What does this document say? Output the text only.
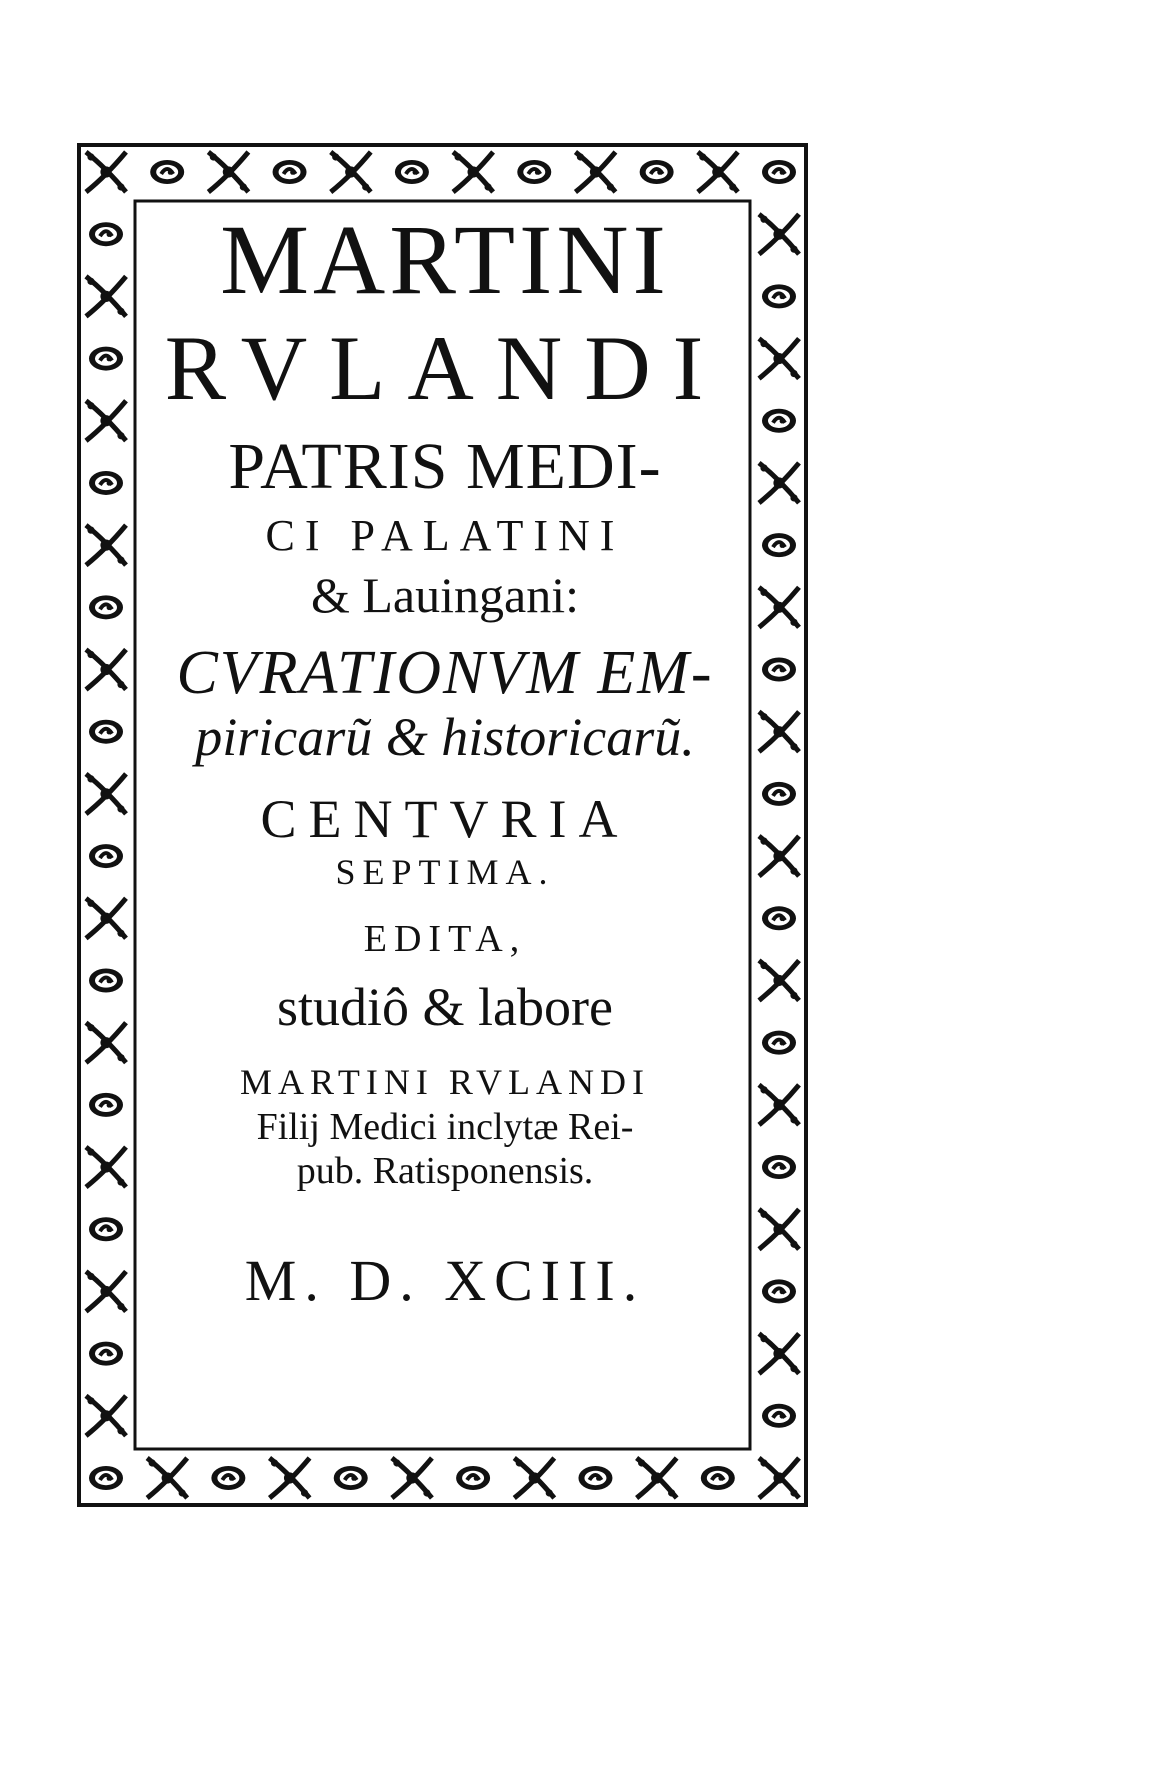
MARTINI
RVLANDI
PATRIS MEDI-
CI PALATINI
& Lauingani:
CVRATIONVM EM-
piricarũ & historicarũ.
CENTVRIA
SEPTIMA.
EDITA,
studiô & labore
MARTINI RVLANDI
Filij Medici inclytæ Rei-
pub. Ratisponensis.
M. D. XCIII.
